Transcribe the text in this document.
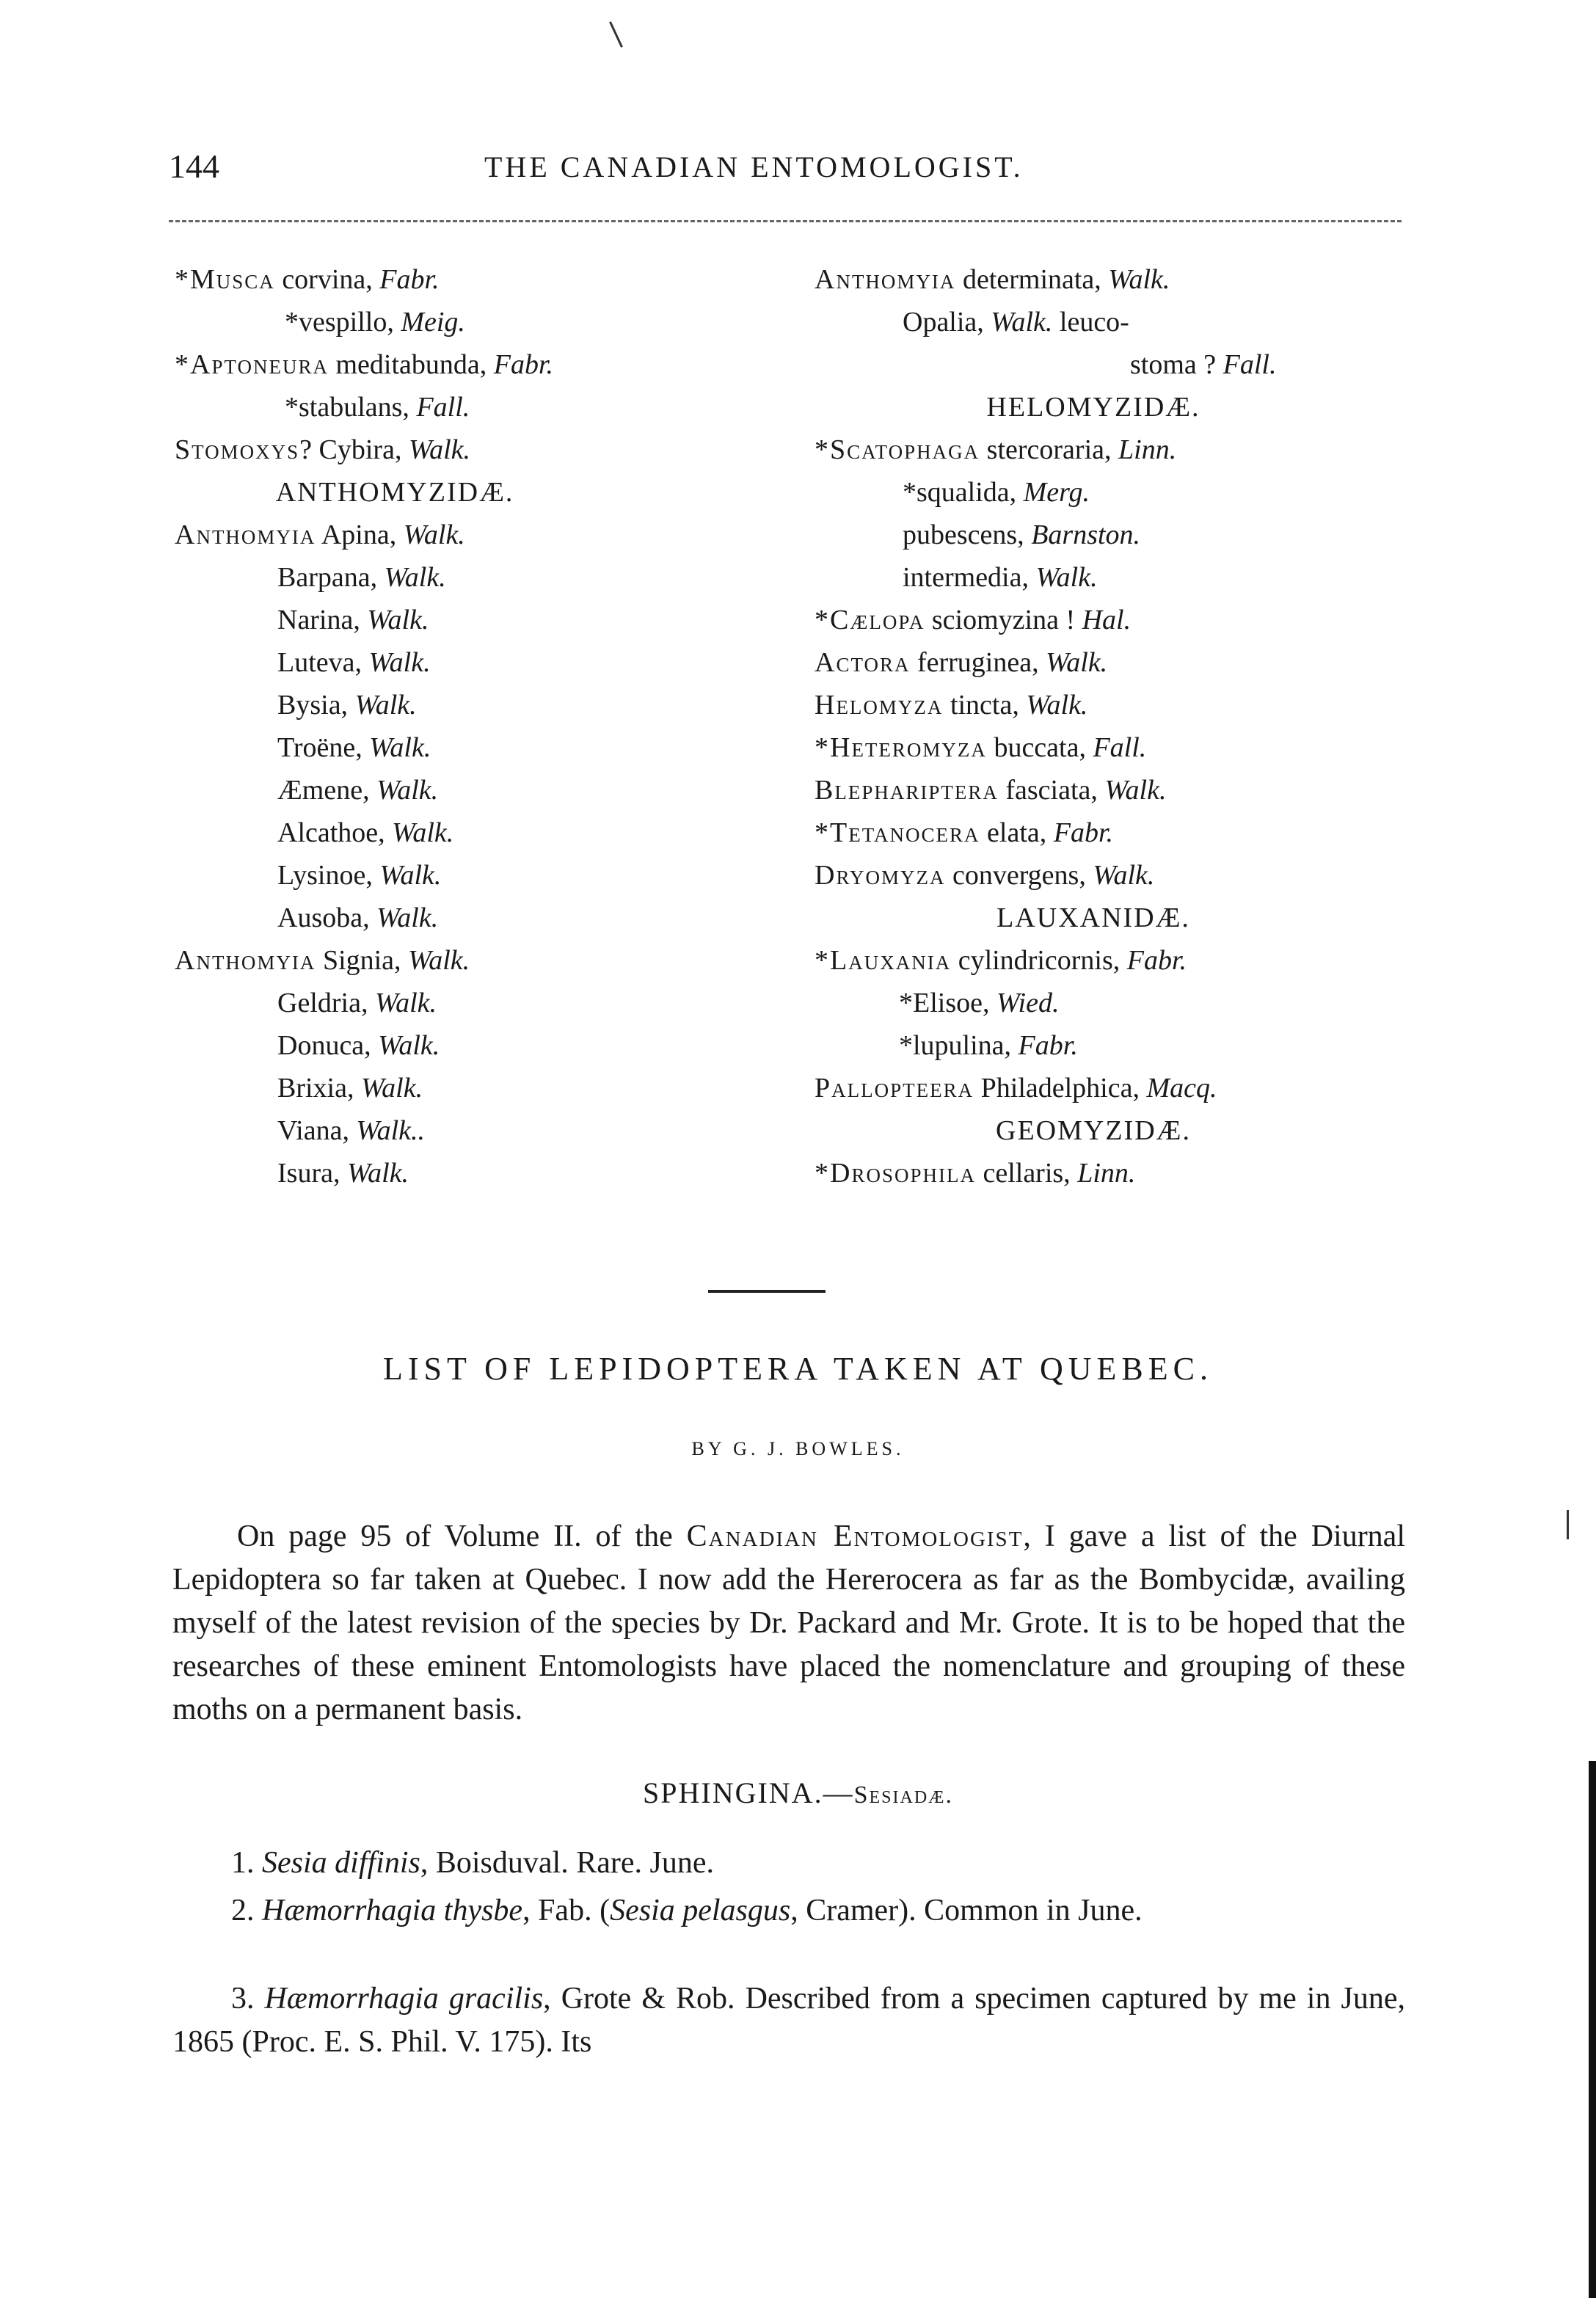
144	THE CANADIAN ENTOMOLOGIST.
*Musca corvina, Fabr.
*vespillo, Meig.
*Aptoneura meditabunda, Fabr.
*stabulans, Fall.
Stomoxys? Cybira, Walk.
ANTHOMYZIDÆ.
Anthomyia Apina, Walk.
Barpana, Walk.
Narina, Walk.
Luteva, Walk.
Bysia, Walk.
Troëne, Walk.
Æmene, Walk.
Alcathoe, Walk.
Lysinoe, Walk.
Ausoba, Walk.
Anthomyia Signia, Walk.
Geldria, Walk.
Donuca, Walk.
Brixia, Walk.
Viana, Walk..
Isura, Walk.
Anthomyia determinata, Walk.
Opalia, Walk. leuco-
stoma ? Fall.
HELOMYZIDÆ.
*Scatophaga stercoraria, Linn.
*squalida, Merg.
pubescens, Barnston.
intermedia, Walk.
*Cælopa sciomyzina ! Hal.
Actora ferruginea, Walk.
Helomyza tincta, Walk.
*Heteromyza buccata, Fall.
Blephariptera fasciata, Walk.
*Tetanocera elata, Fabr.
Dryomyza convergens, Walk.
LAUXANIDÆ.
*Lauxania cylindricornis, Fabr.
*Elisoe, Wied.
*lupulina, Fabr.
Pallopteera Philadelphica, Macq.
GEOMYZIDÆ.
*Drosophila cellaris, Linn.
LIST OF LEPIDOPTERA TAKEN AT QUEBEC.
BY G. J. BOWLES.
On page 95 of Volume II. of the Canadian Entomologist, I gave a list of the Diurnal Lepidoptera so far taken at Quebec. I now add the Hererocera as far as the Bombycidæ, availing myself of the latest revision of the species by Dr. Packard and Mr. Grote. It is to be hoped that the researches of these eminent Entomologists have placed the nomenclature and grouping of these moths on a permanent basis.
SPHINGINA.—Sesiadæ.
1. Sesia diffinis, Boisduval. Rare. June.
2. Hæmorrhagia thysbe, Fab. (Sesia pelasgus, Cramer). Common in June.
3. Hæmorrhagia gracilis, Grote & Rob. Described from a specimen captured by me in June, 1865 (Proc. E. S. Phil. V. 175). Its
